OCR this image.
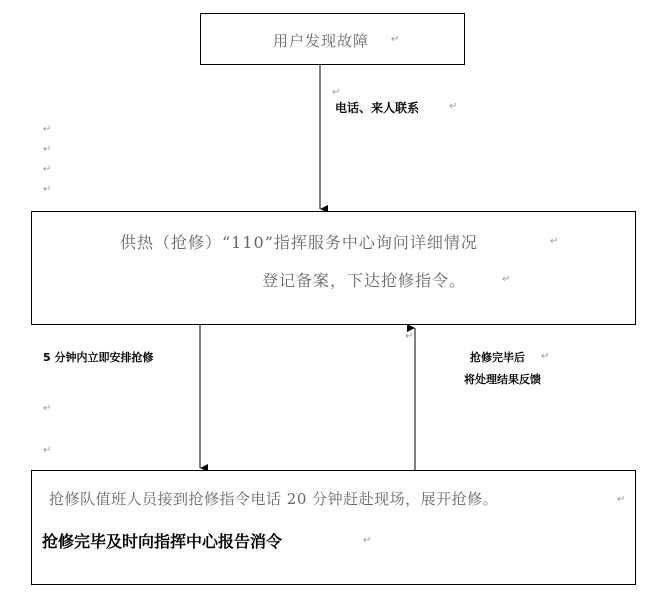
用户发现故障 ↵
电话、来人联系
↵
↵
↵
↵
↵
↵
↵
↵
供热（抢修）“110”指挥服务中心询问详细情况	↵
登记备案，下达抢修指令。	↵
5 分钟内立即安排抢修	抢修完毕后 ↵
将处理结果反馈
↵
抢修队值班人员接到抢修指令电话 20 分钟赶赴现场，展开抢修。	↵
抢修完毕及时向指挥中心报告消令	↵
